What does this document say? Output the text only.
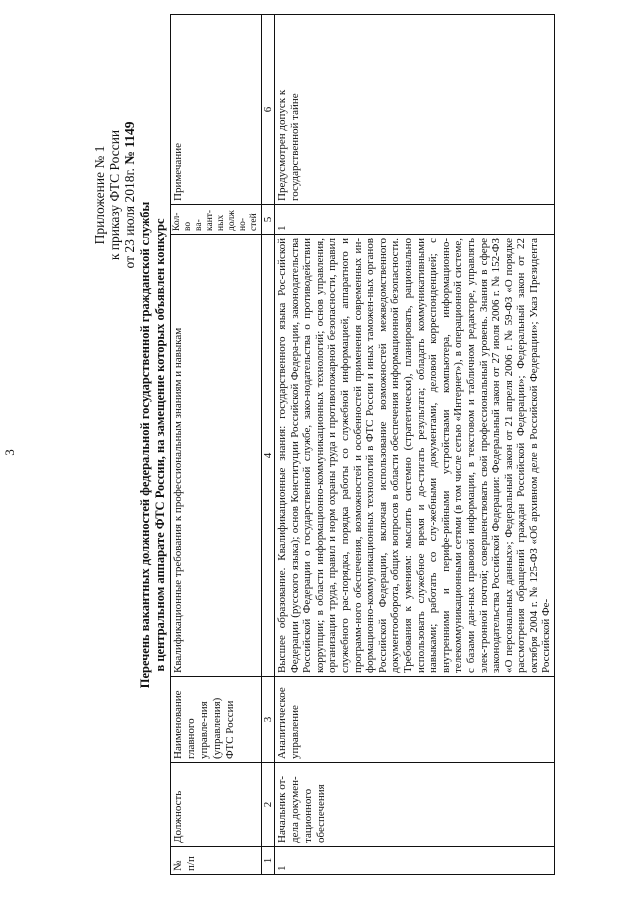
3
Приложение № 1 к приказу ФТС России от 23 июля 2018г. № 1149
Перечень вакантных должностей федеральной государственной гражданской службы в центральном аппарате ФТС России, на замещение которых объявлен конкурс
№ п/п	Должность	Наименование главного управле-ния (управления) ФТС России	Квалификационные требования к профессиональным знаниям и навыкам	Кол-во ва-кант-ных долж но-стей	Примечание
1	2	3	4	5	6
1	Начальник от-дела докумен-тационного обеспечения	Аналитическое управление	Высшее образование. Квалификационные знания: государственного языка Рос-сийской Федерации (русского языка); основ Конституции Российской Федера-ции, законодательства Российской Федерации о государственной службе, зако-нодательства о противодействии коррупции; в области информационно-коммуникационных технологий; основ управления, организации труда, правил и норм охраны труда и противопожарной безопасности, правил служебного рас-порядка, порядка работы со служебной информацией, аппаратного и программ-ного обеспечения, возможностей и особенностей применения современных ин-формационно-коммуникационных технологий в ФТС России и иных таможен-ных органов Российской Федерации, включая использование возможностей межведомственного документооборота, общих вопросов в области обеспечения информационной безопасности. Требования к умениям: мыслить системно (стратегически), планировать, рационально использовать служебное время и до-стигать результата; обладать коммуникативными навыками; работать со слу-жебными документами, деловой корреспонденцией; с внутренними и перифе-рийными устройствами компьютера, информационно-телекоммуникационными сетями (в том числе сетью «Интернет»), в операционной системе, с базами дан-ных правовой информации, в текстовом и табличном редакторе, управлять элек-тронной почтой; совершенствовать свой профессиональный уровень. Знания в сфере законодательства Российской Федерации: Федеральный закон от 27 июля 2006 г. № 152-ФЗ «О персональных данных»; Федеральный закон от 21 апреля 2006 г. № 59-ФЗ «О порядке рассмотрения обращений граждан Российской Федерации»; Федеральный закон от 22 октября 2004 г. № 125-ФЗ «Об архивном деле в Российской Федерации»; Указ Президента Российской Фе-	1	Предусмотрен допуск к государственной тайне
